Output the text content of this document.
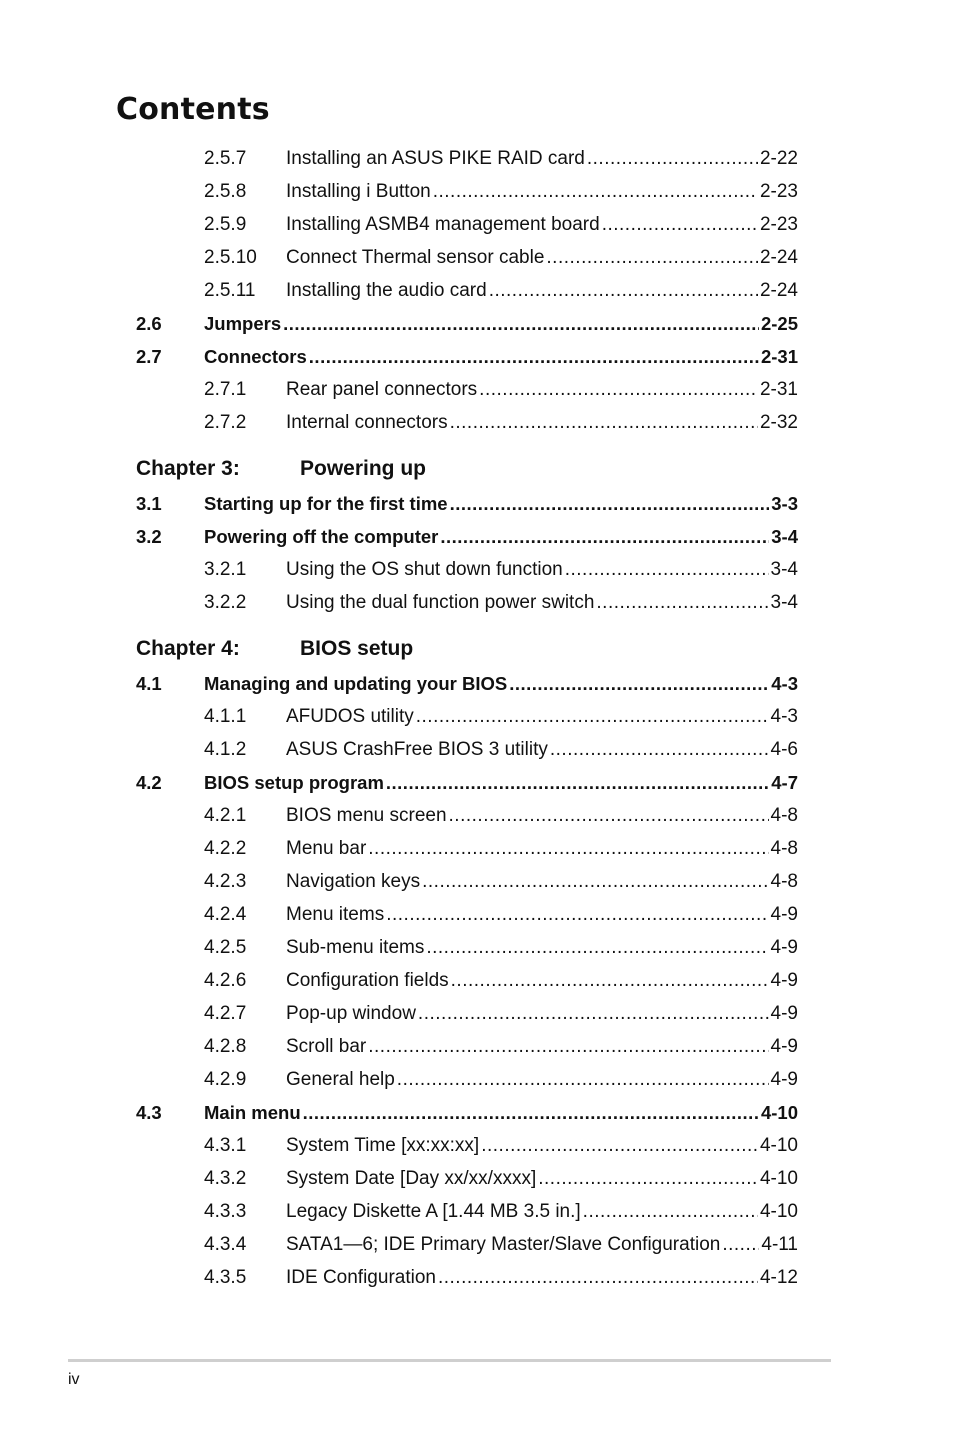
Contents
2.5.7	Installing an ASUS PIKE RAID card .....	2-22
2.5.8	Installing i Button .....	2-23
2.5.9	Installing ASMB4 management board .....	2-23
2.5.10	Connect Thermal sensor cable .....	2-24
2.5.11	Installing the audio card .....	2-24
2.6	Jumpers .....	2-25
2.7	Connectors .....	2-31
2.7.1	Rear panel connectors .....	2-31
2.7.2	Internal connectors .....	2-32
Chapter 3:	Powering up
3.1	Starting up for the first time .....	3-3
3.2	Powering off the computer .....	3-4
3.2.1	Using the OS shut down function .....	3-4
3.2.2	Using the dual function power switch .....	3-4
Chapter 4:	BIOS setup
4.1	Managing and updating your BIOS .....	4-3
4.1.1	AFUDOS utility .....	4-3
4.1.2	ASUS CrashFree BIOS 3 utility .....	4-6
4.2	BIOS setup program .....	4-7
4.2.1	BIOS menu screen .....	4-8
4.2.2	Menu bar .....	4-8
4.2.3	Navigation keys .....	4-8
4.2.4	Menu items .....	4-9
4.2.5	Sub-menu items .....	4-9
4.2.6	Configuration fields .....	4-9
4.2.7	Pop-up window .....	4-9
4.2.8	Scroll bar .....	4-9
4.2.9	General help .....	4-9
4.3	Main menu .....	4-10
4.3.1	System Time [xx:xx:xx] .....	4-10
4.3.2	System Date [Day xx/xx/xxxx] .....	4-10
4.3.3	Legacy Diskette A [1.44 MB 3.5 in.] .....	4-10
4.3.4	SATA1—6; IDE Primary Master/Slave Configuration ..... 4-11
4.3.5	IDE Configuration .....	4-12
iv
